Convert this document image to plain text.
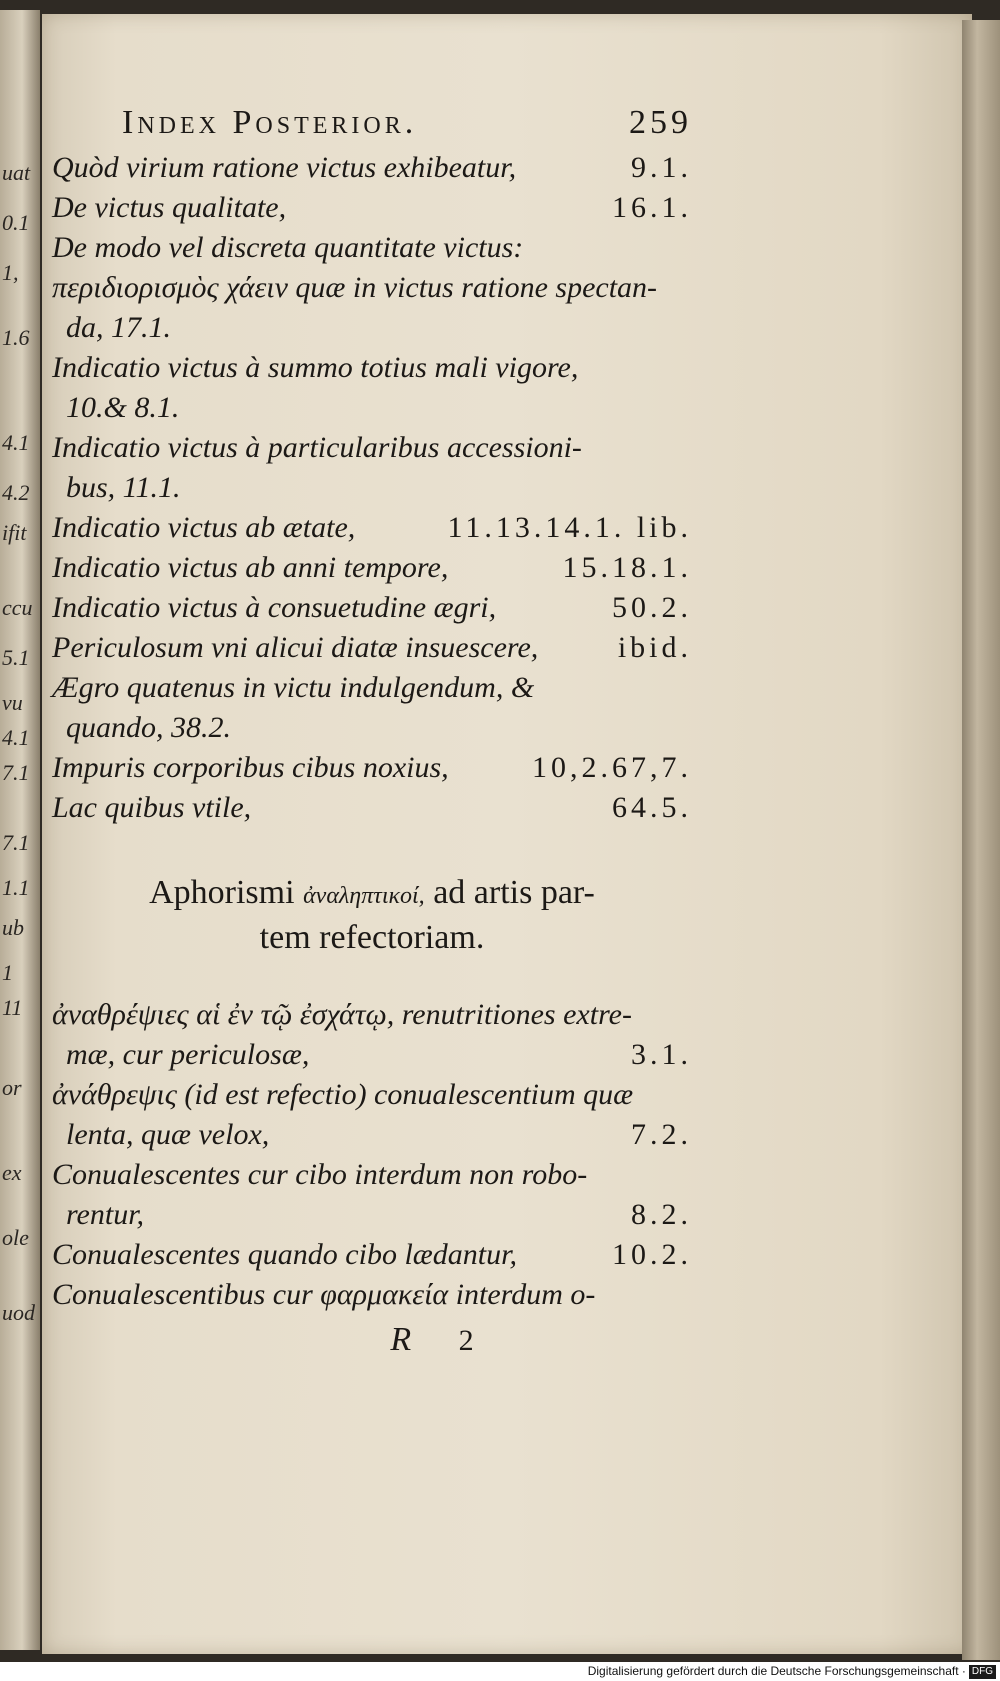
uat
0.1
1,
1.6
4.1
4.2
ifit
ccu
5.1
vu
4.1
7.1
7.1
1.1
ub
1
11
or
ex
ole
uod
Index Posterior.	259
Quòd virium ratione victus exhibeatur,	9.1.
De victus qualitate,	16.1.
De modo vel discreta quantitate victus: περιδιορισμὸς χάειν quæ in victus ratione spectan-
da, 17.1.
Indicatio victus à summo totius mali vigore,
10.& 8.1.
Indicatio victus à particularibus accessioni-
bus, 11.1.
Indicatio victus ab ætate,	11.13.14.1. lib.
Indicatio victus ab anni tempore,	15.18.1.
Indicatio victus à consuetudine ægri,	50.2.
Periculosum vni alicui diatæ insuescere,	ibid.
Ægro quatenus in victu indulgendum, &
quando, 38.2.
Impuris corporibus cibus noxius,	10,2.67,7.
Lac quibus vtile,	64.5.
Aphorismi ἀναληπτικοί, ad artis par-
tem refectoriam.
ἀναθρέψιες αἱ ἐν τῷ ἐσχάτῳ, renutritiones extre-
mæ, cur periculosæ,	3.1.
ἀνάθρεψις (id est refectio) conualescentium quæ
lenta, quæ velox,	7.2.
Conualescentes cur cibo interdum non robo-
rentur,	8.2.
Conualescentes quando cibo lædantur,	10.2.
Conualescentibus cur φαρμακεία interdum o-
R 2
Digitalisierung gefördert durch die Deutsche Forschungsgemeinschaft · DFG
